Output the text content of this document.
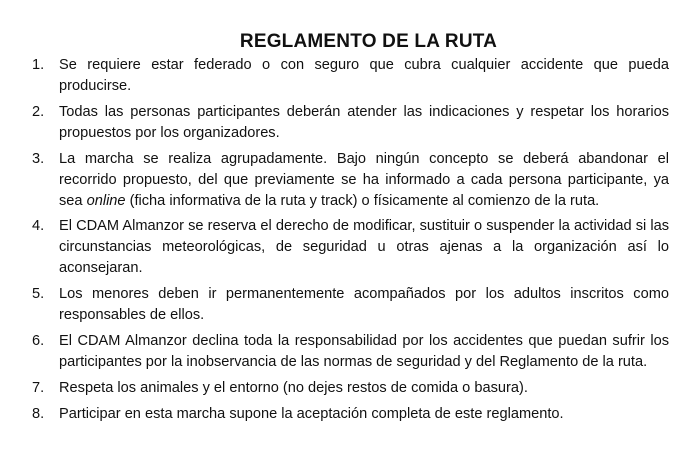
REGLAMENTO DE LA RUTA
1.	Se requiere estar federado o con seguro que cubra cualquier accidente que pueda producirse.
2.	Todas las personas participantes deberán atender las indicaciones y respetar los horarios propuestos por los organizadores.
3.	La marcha se realiza agrupadamente. Bajo ningún concepto se deberá abandonar el recorrido propuesto, del que previamente se ha informado a cada persona participante, ya sea online (ficha informativa de la ruta y track) o físicamente al comienzo de la ruta.
4.	El CDAM Almanzor se reserva el derecho de modificar, sustituir o suspender la actividad si las circunstancias meteorológicas, de seguridad u otras ajenas a la organización así lo aconsejaran.
5.	Los menores deben ir permanentemente acompañados por los adultos inscritos como responsables de ellos.
6.	El CDAM Almanzor declina toda la responsabilidad por los accidentes que puedan sufrir los participantes por la inobservancia de las normas de seguridad y del Reglamento de la ruta.
7.	Respeta los animales y el entorno (no dejes restos de comida o basura).
8.	Participar en esta marcha supone la aceptación completa de este reglamento.
